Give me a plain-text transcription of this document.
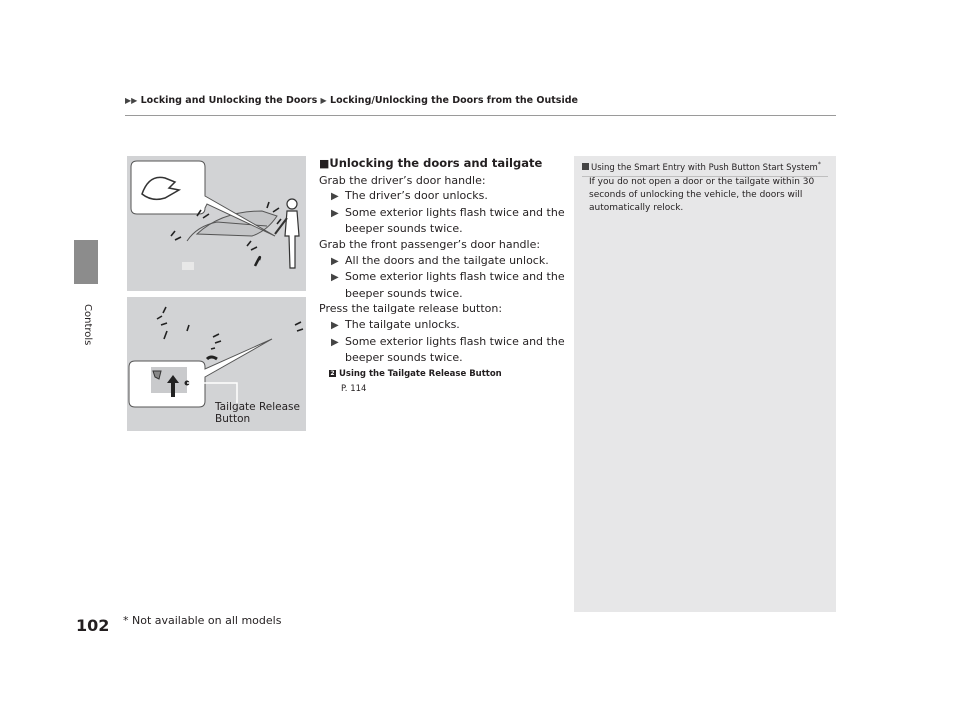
▶▶ Locking and Unlocking the Doors ▶ Locking/Unlocking the Doors from the Outside
Controls
Tailgate Release Button
■Unlocking the doors and tailgate

Grab the driver’s door handle:

▶ The driver’s door unlocks.

▶ Some exterior lights flash twice and the beeper sounds twice.

Grab the front passenger’s door handle:

▶ All the doors and the tailgate unlock.

▶ Some exterior lights flash twice and the beeper sounds twice.

Press the tailgate release button:

▶ The tailgate unlocks.

▶ Some exterior lights flash twice and the beeper sounds twice.

2 Using the Tailgate Release Button
P. 114
Using the Smart Entry with Push Button Start System*
If you do not open a door or the tailgate within 30 seconds of unlocking the vehicle, the doors will automatically relock.
102 * Not available on all models
